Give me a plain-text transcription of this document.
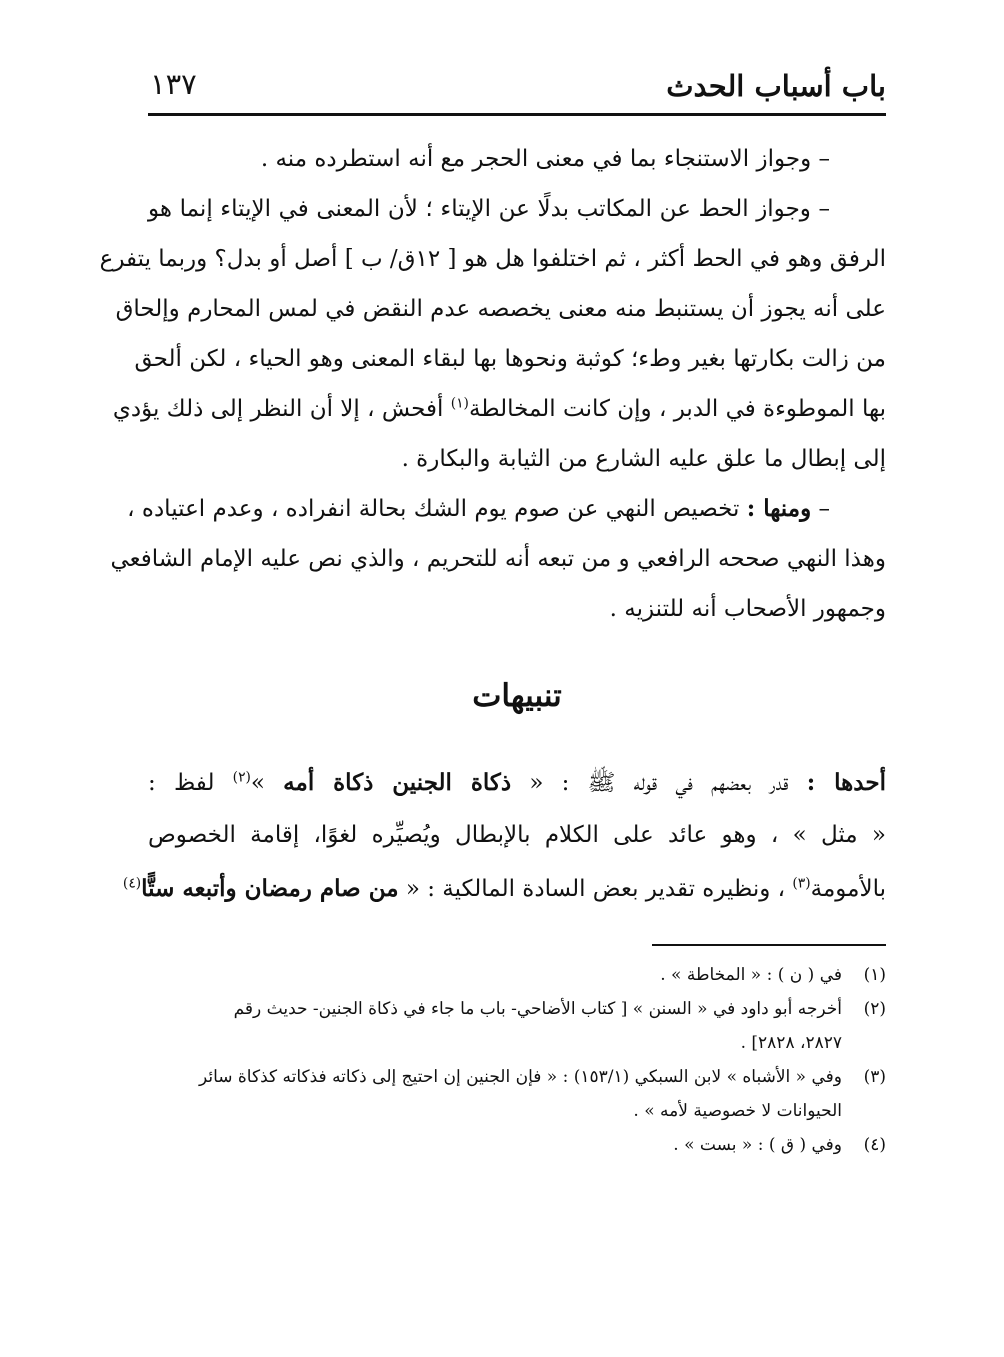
باب أسباب الحدث
١٣٧
– وجواز الاستنجاء بما في معنى الحجر مع أنه استطرده منه .
– وجواز الحط عن المكاتب بدلًا عن الإيتاء ؛ لأن المعنى في الإيتاء إنما هو
الرفق وهو في الحط أكثر ، ثم اختلفوا هل هو [ ١٢ق/ ب ] أصل أو بدل؟ وربما يتفرع
على أنه يجوز أن يستنبط منه معنى يخصصه عدم النقض في لمس المحارم وإلحاق
من زالت بكارتها بغير وطء؛ كوثبة ونحوها بها لبقاء المعنى وهو الحياء ، لكن ألحق
بها الموطوءة في الدبر ، وإن كانت المخالطة$^{(١)}$ أفحش ، إلا أن النظر إلى ذلك يؤدي
إلى إبطال ما علق عليه الشارع من الثيابة والبكارة .
– ومنها : تخصيص النهي عن صوم يوم الشك بحالة انفراده ، وعدم اعتياده ،
وهذا النهي صححه الرافعي و من تبعه أنه للتحريم ، والذي نص عليه الإمام الشافعي
وجمهور الأصحاب أنه للتنزيه .
تنبيهات
أحدها : قدر بعضهم في قوله ﷺ : « ذكاة الجنين ذكاة أمه »$^{(٢)}$ لفظ :
« مثل » ، وهو عائد على الكلام بالإبطال ويُصيِّره لغوًا، إقامة الخصوص
بالأمومة$^{(٣)}$ ، ونظيره تقدير بعض السادة المالكية : « من صام رمضان وأتبعه ستًّا$^{(٤)}$
(١)
في ( ن ) : « المخاطة » .
(٢)
أخرجه أبو داود في « السنن » [ كتاب الأضاحي- باب ما جاء في ذكاة الجنين- حديث رقم
٢٨٢٧، ٢٨٢٨] .
(٣)
وفي « الأشباه » لابن السبكي (١٥٣/١) : « فإن الجنين إن احتيج إلى ذكاته فذكاته كذكاة سائر
الحيوانات لا خصوصية لأمه » .
(٤)
وفي ( ق ) : « بست » .
